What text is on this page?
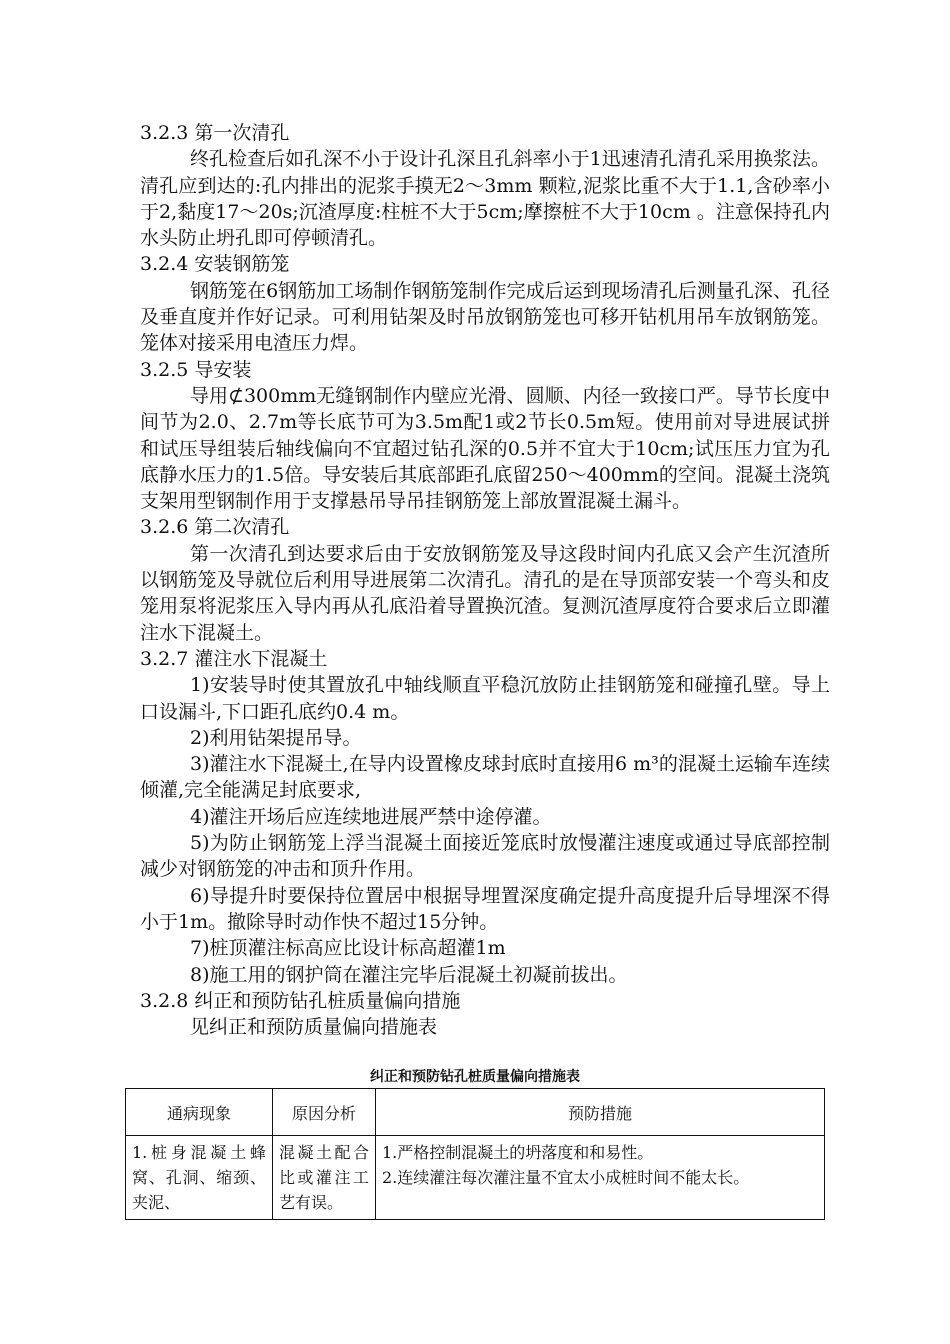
3.2.3 第一次清孔

终孔检查后如孔深不小于设计孔深且孔斜率小于1迅速清孔清孔采用换浆法。清孔应到达的:孔内排出的泥浆手摸无2～3mm 颗粒,泥浆比重不大于1.1,含砂率小于2,黏度17～20s;沉渣厚度:柱桩不大于5cm;摩擦桩不大于10cm 。注意保持孔内水头防止坍孔即可停顿清孔。

3.2.4 安装钢筋笼

钢筋笼在6钢筋加工场制作钢筋笼制作完成后运到现场清孔后测量孔深、孔径及垂直度并作好记录。可利用钻架及时吊放钢筋笼也可移开钻机用吊车放钢筋笼。笼体对接采用电渣压力焊。

3.2.5 导安装

导用⊄300mm无缝钢制作内壁应光滑、圆顺、内径一致接口严。导节长度中间节为2.0、2.7m等长底节可为3.5m配1或2节长0.5m短。使用前对导进展试拼和试压导组装后轴线偏向不宜超过钻孔深的0.5并不宜大于10cm;试压压力宜为孔底静水压力的1.5倍。导安装后其底部距孔底留250～400mm的空间。混凝土浇筑支架用型钢制作用于支撑悬吊导吊挂钢筋笼上部放置混凝土漏斗。

3.2.6 第二次清孔

第一次清孔到达要求后由于安放钢筋笼及导这段时间内孔底又会产生沉渣所以钢筋笼及导就位后利用导进展第二次清孔。清孔的是在导顶部安装一个弯头和皮笼用泵将泥浆压入导内再从孔底沿着导置换沉渣。复测沉渣厚度符合要求后立即灌注水下混凝土。

3.2.7 灌注水下混凝土

1)安装导时使其置放孔中轴线顺直平稳沉放防止挂钢筋笼和碰撞孔壁。导上口设漏斗,下口距孔底约0.4 m。

2)利用钻架提吊导。

3)灌注水下混凝土,在导内设置橡皮球封底时直接用6 m³的混凝土运输车连续倾灌,完全能满足封底要求,

4)灌注开场后应连续地进展严禁中途停灌。

5)为防止钢筋笼上浮当混凝土面接近笼底时放慢灌注速度或通过导底部控制减少对钢筋笼的冲击和顶升作用。

6)导提升时要保持位置居中根据导埋置深度确定提升高度提升后导埋深不得小于1m。撤除导时动作快不超过15分钟。

7)桩顶灌注标高应比设计标高超灌1m

8)施工用的钢护筒在灌注完毕后混凝土初凝前拔出。

3.2.8 纠正和预防钻孔桩质量偏向措施

见纠正和预防质量偏向措施表

纠正和预防钻孔桩质量偏向措施表
通病现象	原因分析	预防措施
1.桩身混凝土蜂窝、孔洞、缩颈、夹泥、	混凝土配合比或灌注工艺有误。	1.严格控制混凝土的坍落度和和易性。
2.连续灌注每次灌注量不宜太小成桩时间不能太长。
